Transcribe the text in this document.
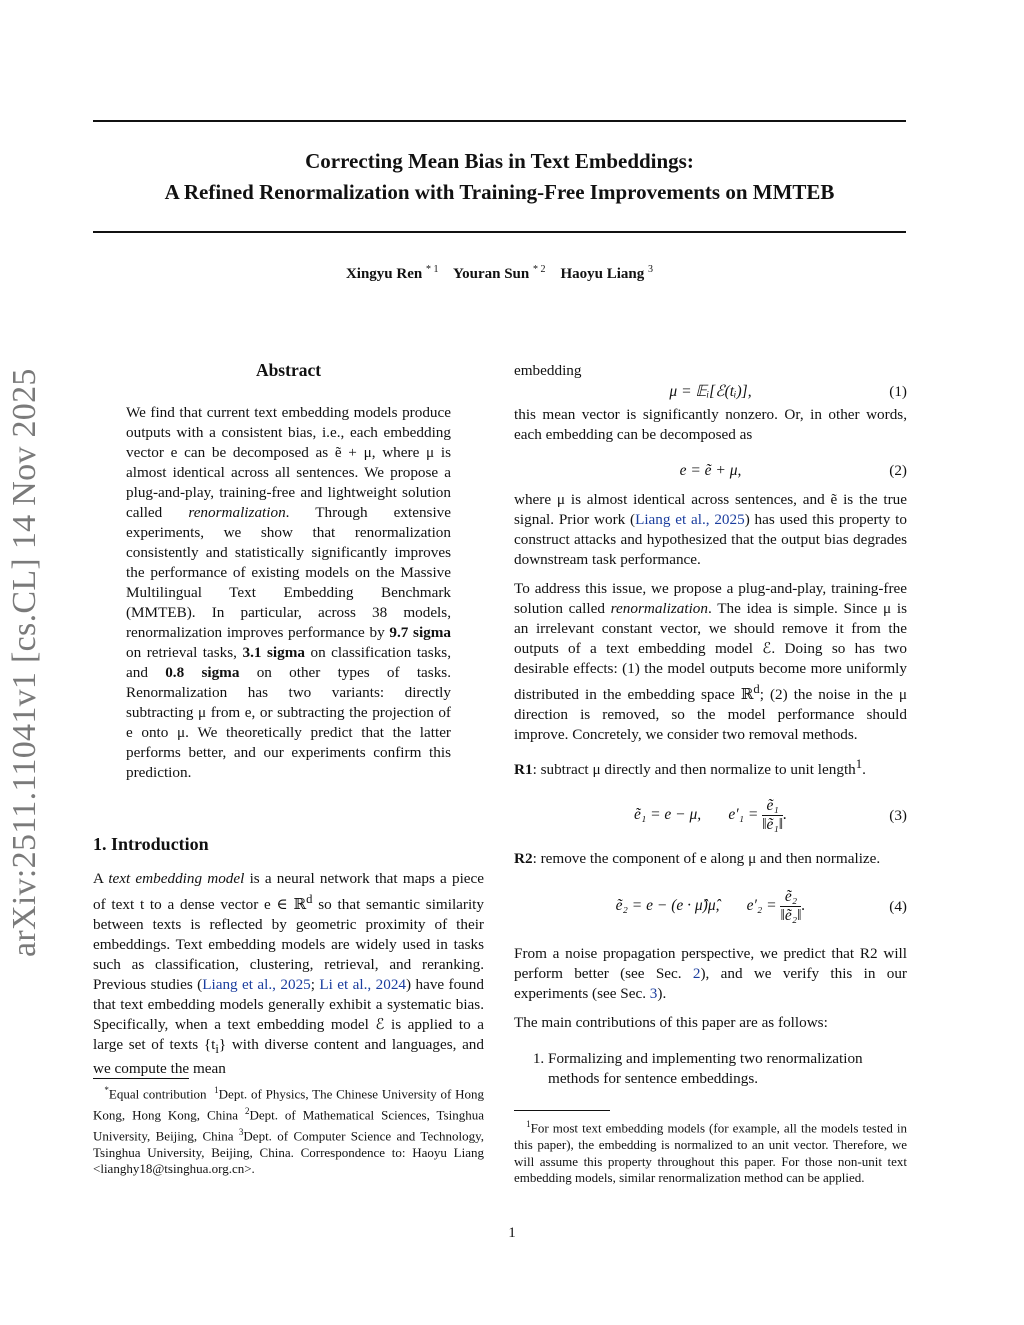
Correcting Mean Bias in Text Embeddings:
A Refined Renormalization with Training-Free Improvements on MMTEB
Xingyu Ren $^{* 1}$ Youran Sun $^{* 2}$ Haoyu Liang $^3$
arXiv:2511.11041v1 [cs.CL] 14 Nov 2025	Abstract

We find that current text embedding models produce outputs with a consistent bias, i.e., each embedding vector e can be decomposed as ẽ + μ, where μ is almost identical across all sentences. We propose a plug-and-play, training-free and lightweight solution called renormalization. Through extensive experiments, we show that renormalization consistently and statistically significantly improves the performance of existing models on the Massive Multilingual Text Embedding Benchmark (MMTEB). In particular, across 38 models, renormalization improves performance by 9.7 sigma on retrieval tasks, 3.1 sigma on classification tasks, and 0.8 sigma on other types of tasks. Renormalization has two variants: directly subtracting μ from e, or subtracting the projection of e onto μ. We theoretically predict that the latter performs better, and our experiments confirm this prediction.

1. Introduction

A text embedding model is a neural network that maps a piece of text t to a dense vector e ∈ ℝ$^d$ so that semantic similarity between texts is reflected by geometric proximity of their embeddings. Text embedding models are widely used in tasks such as classification, clustering, retrieval, and reranking. Previous studies (Liang et al., 2025; Li et al., 2024) have found that text embedding models generally exhibit a systematic bias. Specifically, when a text embedding model ℰ is applied to a large set of texts $\{t_i\}$ with diverse content and languages, and we compute the mean

*Equal contribution $^1$Dept. of Physics, The Chinese University of Hong Kong, Hong Kong, China $^2$Dept. of Mathematical Sciences, Tsinghua University, Beijing, China $^3$Dept. of Computer Science and Technology, Tsinghua University, Beijing, China. Correspondence to: Haoyu Liang <lianghy18@tsinghua.org.cn>.
embedding
μ = 𝔼ᵢ[ℰ(tᵢ)],	(1)

this mean vector is significantly nonzero. Or, in other words, each embedding can be decomposed as

e = ẽ + μ,	(2)

where μ is almost identical across sentences, and ẽ is the true signal. Prior work (Liang et al., 2025) has used this property to construct attacks and hypothesized that the output bias degrades downstream task performance.

To address this issue, we propose a plug-and-play, training-free solution called renormalization. The idea is simple. Since μ is an irrelevant constant vector, we should remove it from the outputs of a text embedding model ℰ. Doing so has two desirable effects: (1) the model outputs become more uniformly distributed in the embedding space ℝ$^d$; (2) the noise in the μ direction is removed, so the model performance should improve. Concretely, we consider two removal methods.

R1: subtract μ directly and then normalize to unit length$^1$.

ẽ₁ = e − μ, $e'_1 = \frac{\text{ẽ₁}}{\text{‖ẽ₁‖}}$ .	(3)

R2: remove the component of e along μ and then normalize.

ẽ₂ = e − (e · μ̂)μ̂, $e'_2 = \frac{\text{ẽ₂}}{\text{‖ẽ₂‖}}$ .	(4)

From a noise propagation perspective, we predict that R2 will perform better (see Sec. 2), and we verify this in our experiments (see Sec. 3).

The main contributions of this paper are as follows:

1. Formalizing and implementing two renormalization methods for sentence embeddings.
$^1$For most text embedding models (for example, all the models tested in this paper), the embedding is normalized to an unit vector. Therefore, we will assume this property throughout this paper. For those non-unit text embedding models, similar renormalization method can be applied.
1
